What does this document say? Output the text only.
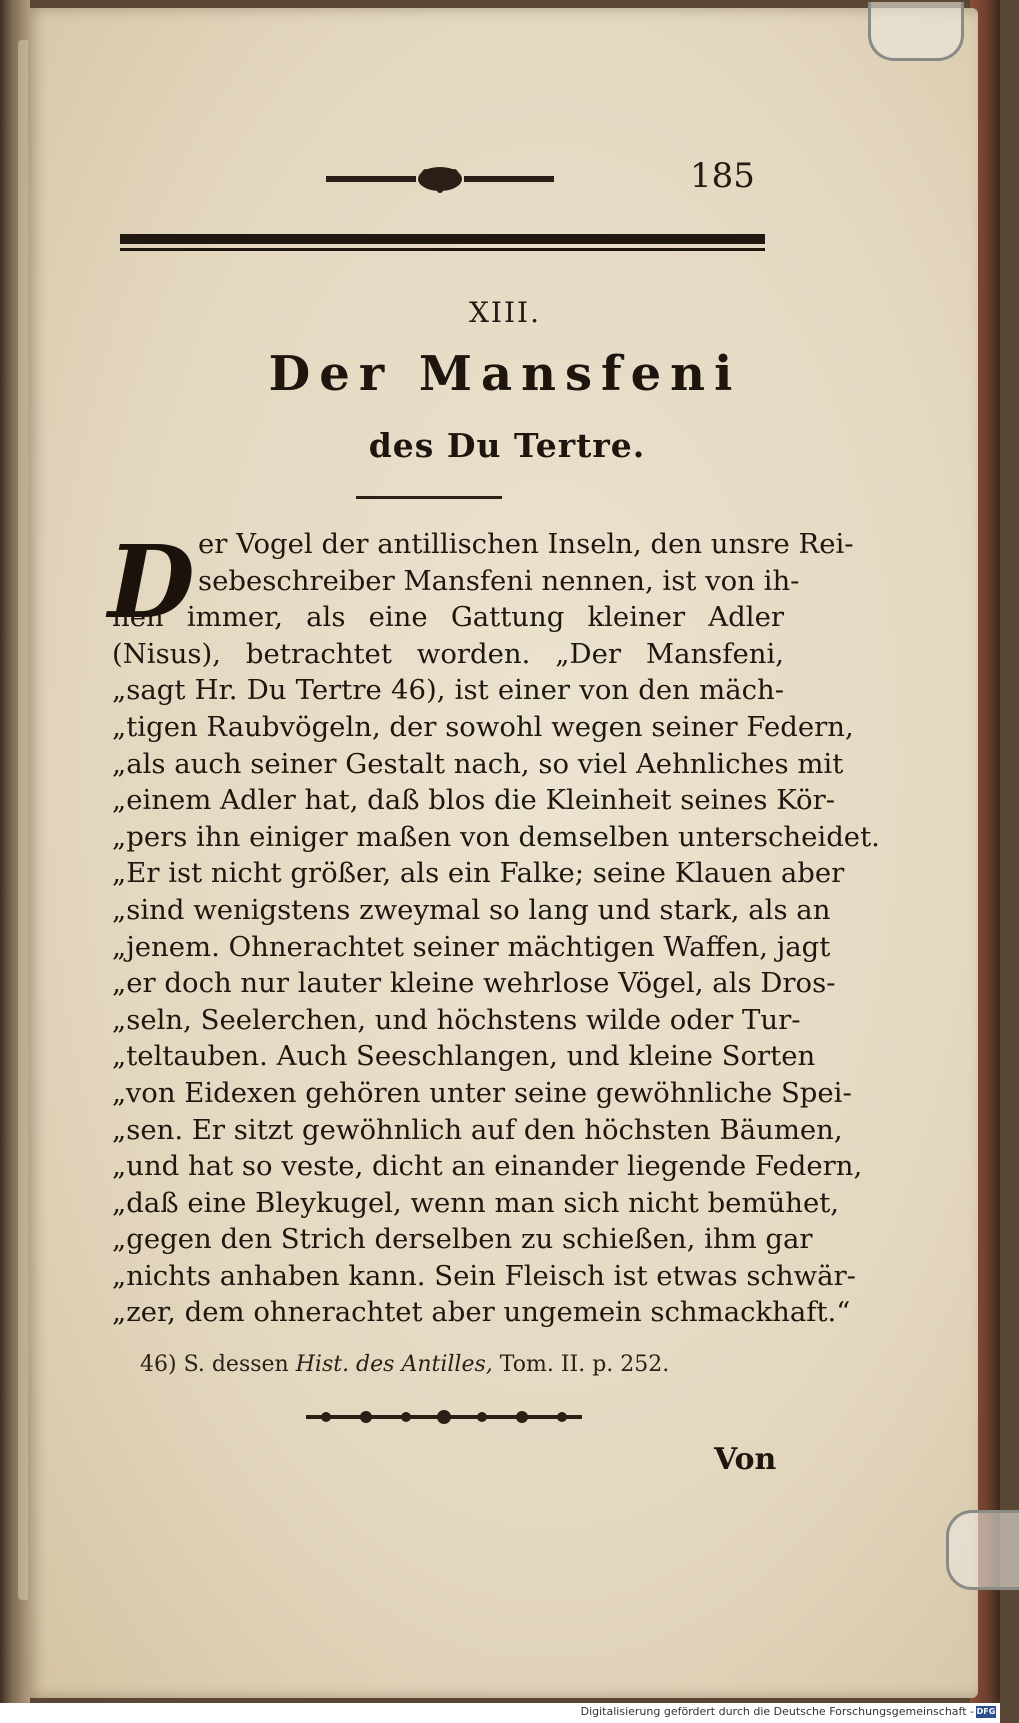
185
XIII.
Der Mansfeni
des Du Tertre.
D er Vogel der antillischen Inseln, den unsre Rei-
sebeschreiber Mansfeni nennen, ist von ih-
nen immer, als eine Gattung kleiner Adler
(Nisus), betrachtet worden. „Der Mansfeni,
„sagt Hr. Du Tertre 46), ist einer von den mäch-
„tigen Raubvögeln, der sowohl wegen seiner Federn,
„als auch seiner Gestalt nach, so viel Aehnliches mit
„einem Adler hat, daß blos die Kleinheit seines Kör-
„pers ihn einiger maßen von demselben unterscheidet.
„Er ist nicht größer, als ein Falke; seine Klauen aber
„sind wenigstens zweymal so lang und stark, als an
„jenem. Ohnerachtet seiner mächtigen Waffen, jagt
„er doch nur lauter kleine wehrlose Vögel, als Dros-
„seln, Seelerchen, und höchstens wilde oder Tur-
„teltauben. Auch Seeschlangen, und kleine Sorten
„von Eidexen gehören unter seine gewöhnliche Spei-
„sen. Er sitzt gewöhnlich auf den höchsten Bäumen,
„und hat so veste, dicht an einander liegende Federn,
„daß eine Bleykugel, wenn man sich nicht bemühet,
„gegen den Strich derselben zu schießen, ihm gar
„nichts anhaben kann. Sein Fleisch ist etwas schwär-
„zer, dem ohnerachtet aber ungemein schmackhaft.“
46) S. dessen Hist. des Antilles, Tom. II. p. 252.
Von
Digitalisierung gefördert durch die Deutsche Forschungsgemeinschaft - DFG
